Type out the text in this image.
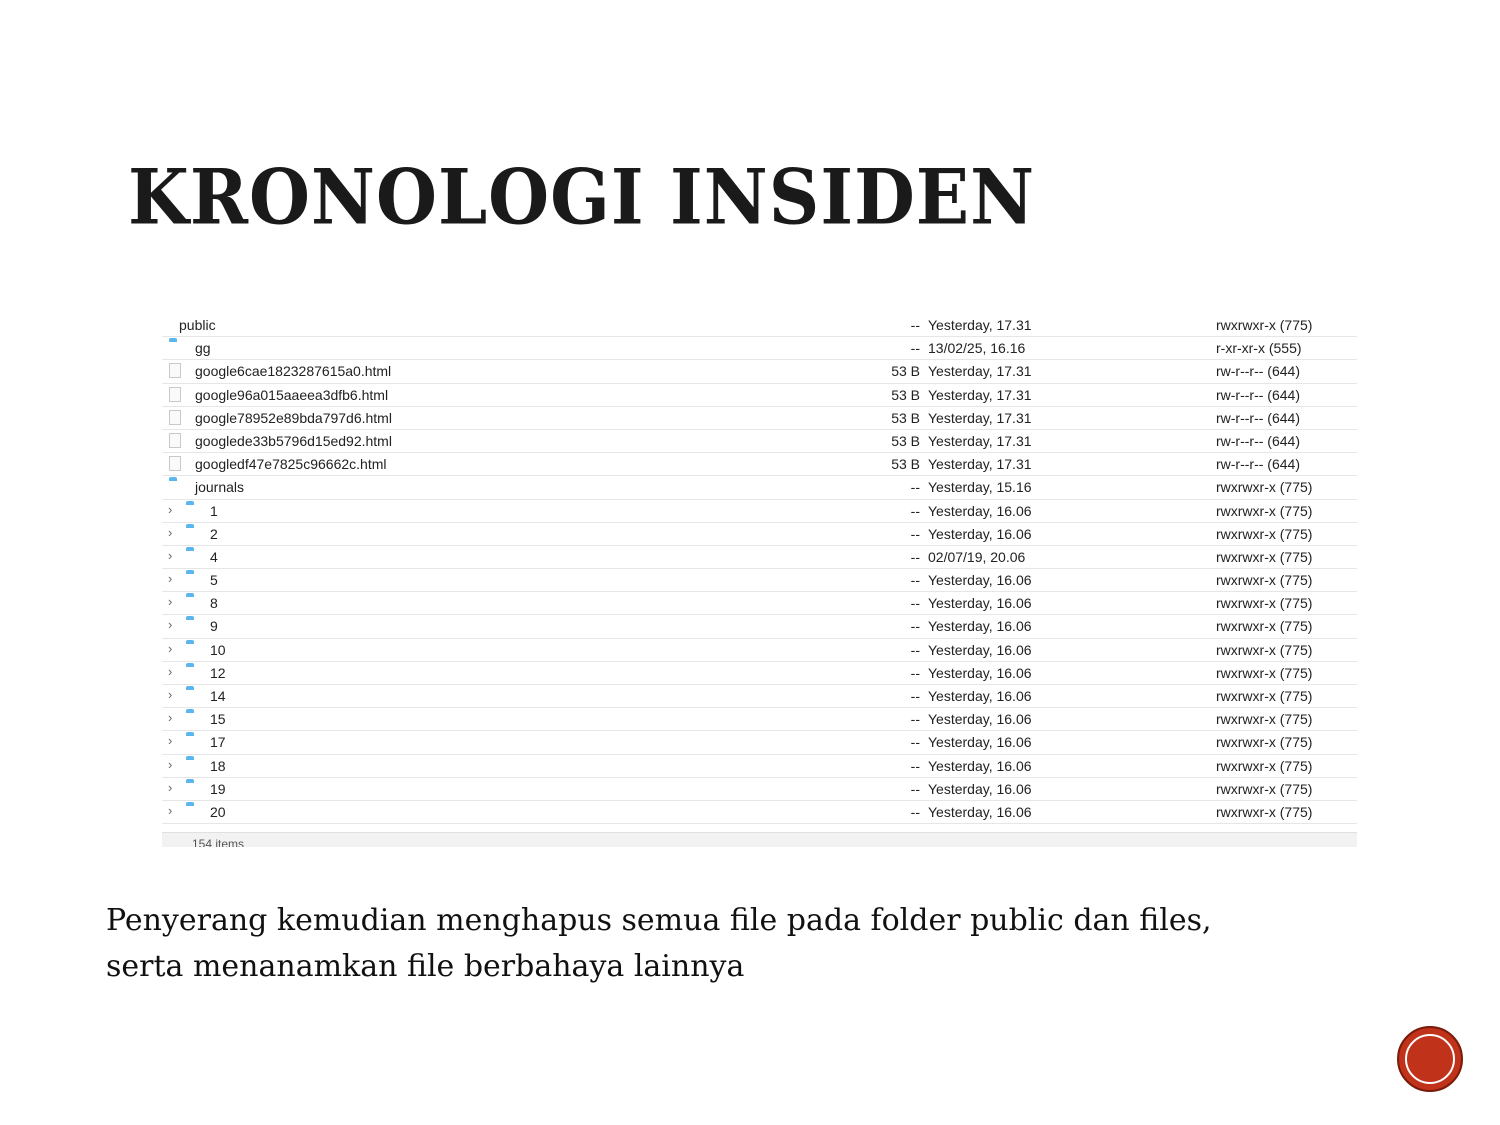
KRONOLOGI INSIDEN
public	-- Yesterday, 17.31	rwxrwxr-x (775)
gg	-- 13/02/25, 16.16	r-xr-xr-x (555)
google6cae1823287615a0.html	53 B Yesterday, 17.31	rw-r--r-- (644)
google96a015aaeea3dfb6.html	53 B Yesterday, 17.31	rw-r--r-- (644)
google78952e89bda797d6.html	53 B Yesterday, 17.31	rw-r--r-- (644)
googlede33b5796d15ed92.html	53 B Yesterday, 17.31	rw-r--r-- (644)
googledf47e7825c96662c.html	53 B Yesterday, 17.31	rw-r--r-- (644)
journals	-- Yesterday, 15.16	rwxrwxr-x (775)
›	1	-- Yesterday, 16.06	rwxrwxr-x (775)
›	2	-- Yesterday, 16.06	rwxrwxr-x (775)
›	4	-- 02/07/19, 20.06	rwxrwxr-x (775)
›	5	-- Yesterday, 16.06	rwxrwxr-x (775)
›	8	-- Yesterday, 16.06	rwxrwxr-x (775)
›	9	-- Yesterday, 16.06	rwxrwxr-x (775)
›	10	-- Yesterday, 16.06	rwxrwxr-x (775)
›	12	-- Yesterday, 16.06	rwxrwxr-x (775)
›	14	-- Yesterday, 16.06	rwxrwxr-x (775)
›	15	-- Yesterday, 16.06	rwxrwxr-x (775)
›	17	-- Yesterday, 16.06	rwxrwxr-x (775)
›	18	-- Yesterday, 16.06	rwxrwxr-x (775)
›	19	-- Yesterday, 16.06	rwxrwxr-x (775)
›	20	-- Yesterday, 16.06	rwxrwxr-x (775)
154 items

Penyerang kemudian menghapus semua file pada folder public dan files,

serta menanamkan file berbahaya lainnya
